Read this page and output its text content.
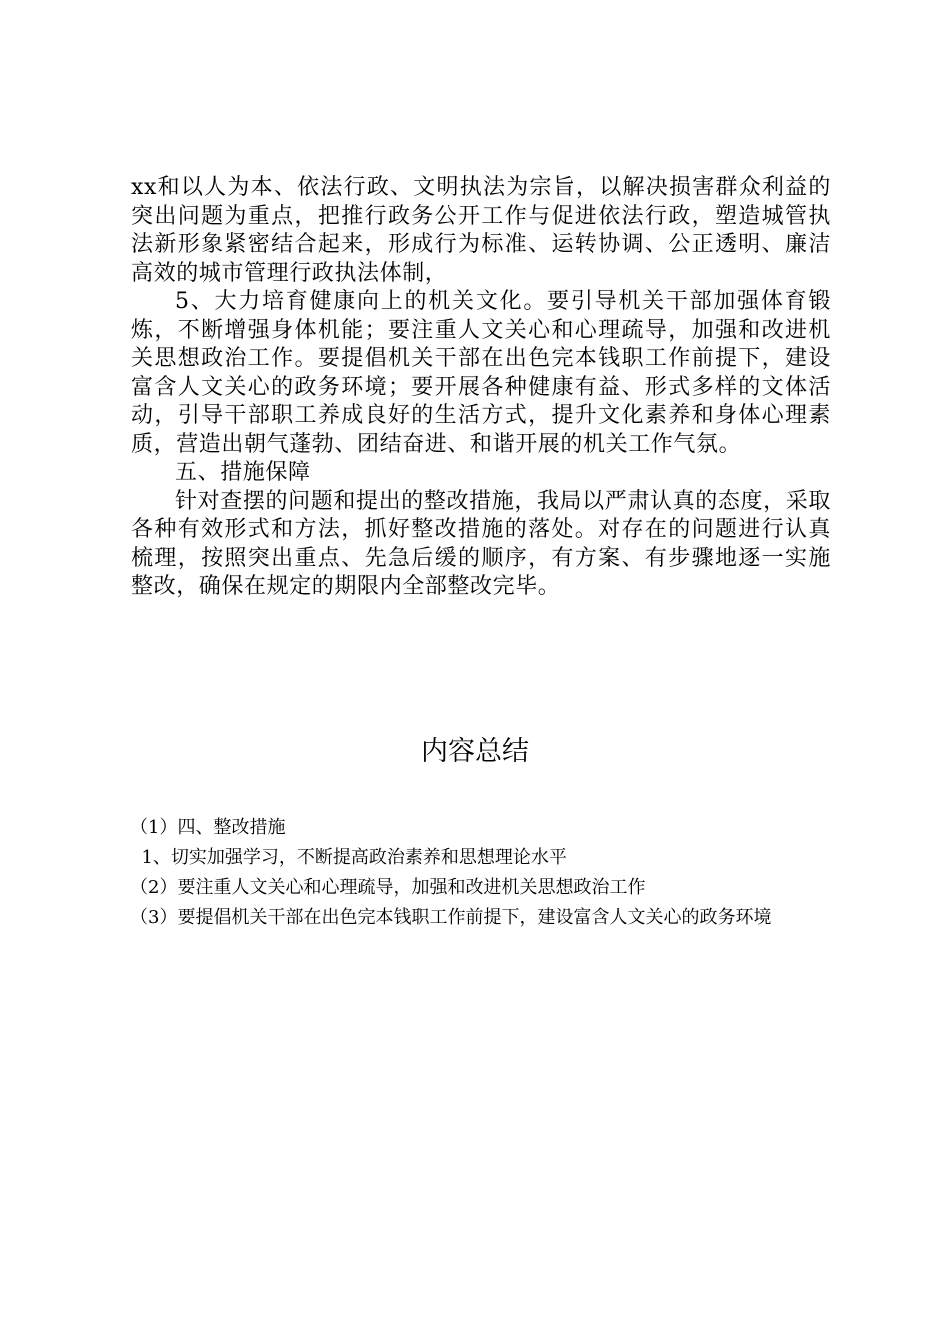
xx和以人为本、依法行政、文明执法为宗旨，以解决损害群众利益的突出问题为重点，把推行政务公开工作与促进依法行政，塑造城管执法新形象紧密结合起来，形成行为标准、运转协调、公正透明、廉洁高效的城市管理行政执法体制，

5、大力培育健康向上的机关文化。要引导机关干部加强体育锻炼，不断增强身体机能；要注重人文关心和心理疏导，加强和改进机关思想政治工作。要提倡机关干部在出色完本钱职工作前提下，建设富含人文关心的政务环境；要开展各种健康有益、形式多样的文体活动，引导干部职工养成良好的生活方式，提升文化素养和身体心理素质，营造出朝气蓬勃、团结奋进、和谐开展的机关工作气氛。

五、措施保障

针对查摆的问题和提出的整改措施，我局以严肃认真的态度，采取各种有效形式和方法，抓好整改措施的落处。对存在的问题进行认真梳理，按照突出重点、先急后缓的顺序，有方案、有步骤地逐一实施整改，确保在规定的期限内全部整改完毕。

内容总结

（1）四、整改措施

1、切实加强学习，不断提高政治素养和思想理论水平

（2）要注重人文关心和心理疏导，加强和改进机关思想政治工作

（3）要提倡机关干部在出色完本钱职工作前提下，建设富含人文关心的政务环境
